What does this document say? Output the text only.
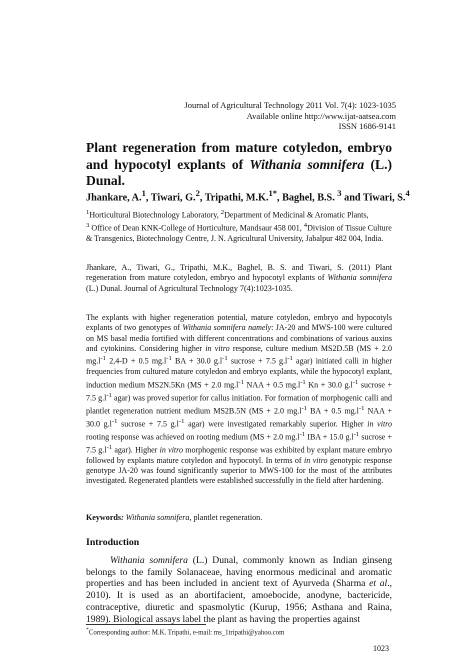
Journal of Agricultural Technology 2011 Vol. 7(4): 1023-1035
Available online http://www.ijat-aatsea.com
ISSN 1686-9141
Plant regeneration from mature cotyledon, embryo and hypocotyl explants of Withania somnifera (L.) Dunal.

Jhankare, A.$^1$, Tiwari, G.$^2$, Tripathi, M.K.$^{1*}$, Baghel, B.S. $^3$ and Tiwari, S.$^4$

$^1$Horticultural Biotechnology Laboratory, $^2$Department of Medicinal & Aromatic Plants,
$^3$ Office of Dean KNK-College of Horticulture, Mandsaur 458 001, $^4$Division of Tissue Culture & Transgenics, Biotechnology Centre, J. N. Agricultural University, Jabalpur 482 004, India.

Jhankare, A., Tiwari, G., Tripathi, M.K., Baghel, B. S. and Tiwari, S. (2011) Plant regeneration from mature cotyledon, embryo and hypocotyl explants of Withania somnifera (L.) Dunal. Journal of Agricultural Technology 7(4):1023-1035.

The explants with higher regeneration potential, mature cotyledon, embryo and hypocotyls explants of two genotypes of Withania somnifera namely: JA-20 and MWS-100 were cultured on MS basal media fortified with different concentrations and combinations of various auxins and cytokinins. Considering higher in vitro response, culture medium MS2D.5B (MS + 2.0 $mg.l^{-1}$ 2,4-D + 0.5 $mg.l^{-1}$ BA + 30.0 $g.l^{-1}$ sucrose + 7.5 $g.l^{-1}$ agar) initiated calli in higher frequencies from cultured mature cotyledon and embryo explants, while the hypocotyl explant, induction medium MS2N.5Kn (MS + 2.0 $mg.l^{-1}$ NAA + 0.5 $mg.l^{-1}$ Kn + 30.0 $g.l^{-1}$ sucrose + 7.5 $g.l^{-1}$ agar) was proved superior for callus initiation. For formation of morphogenic calli and plantlet regeneration nutrient medium MS2B.5N (MS + 2.0 $mg.l^{-1}$ BA + 0.5 $mg.l^{-1}$ NAA + 30.0 $g.l^{-1}$ sucrose + 7.5 $g.l^{-1}$ agar) were investigated remarkably superior. Higher in vitro rooting response was achieved on rooting medium (MS + 2.0 $mg.l^{-1}$ IBA + 15.0 $g.l^{-1}$ sucrose + 7.5 $g.l^{-1}$ agar). Higher in vitro morphogenic response was exhibited by explant mature embryo followed by explants mature cotyledon and hypocotyl. In terms of in vitro genotypic response genotype JA-20 was found significantly superior to MWS-100 for the most of the attributes investigated. Regenerated plantlets were established successfully in the field after hardening.

Keywords: Withania somnifera, plantlet regeneration.

Introduction

Withania somnifera (L.) Dunal, commonly known as Indian ginseng belongs to the family Solanaceae, having enormous medicinal and aromatic properties and has been included in ancient text of Ayurveda (Sharma et al., 2010). It is used as an abortifacient, amoebocide, anodyne, bactericide, contraceptive, diuretic and spasmolytic (Kurup, 1956; Asthana and Raina, 1989). Biological assays label the plant as having the properties against

*Corresponding author: M.K. Tripathi, e-mail: ms_1tripathi@yahoo.com

1023
